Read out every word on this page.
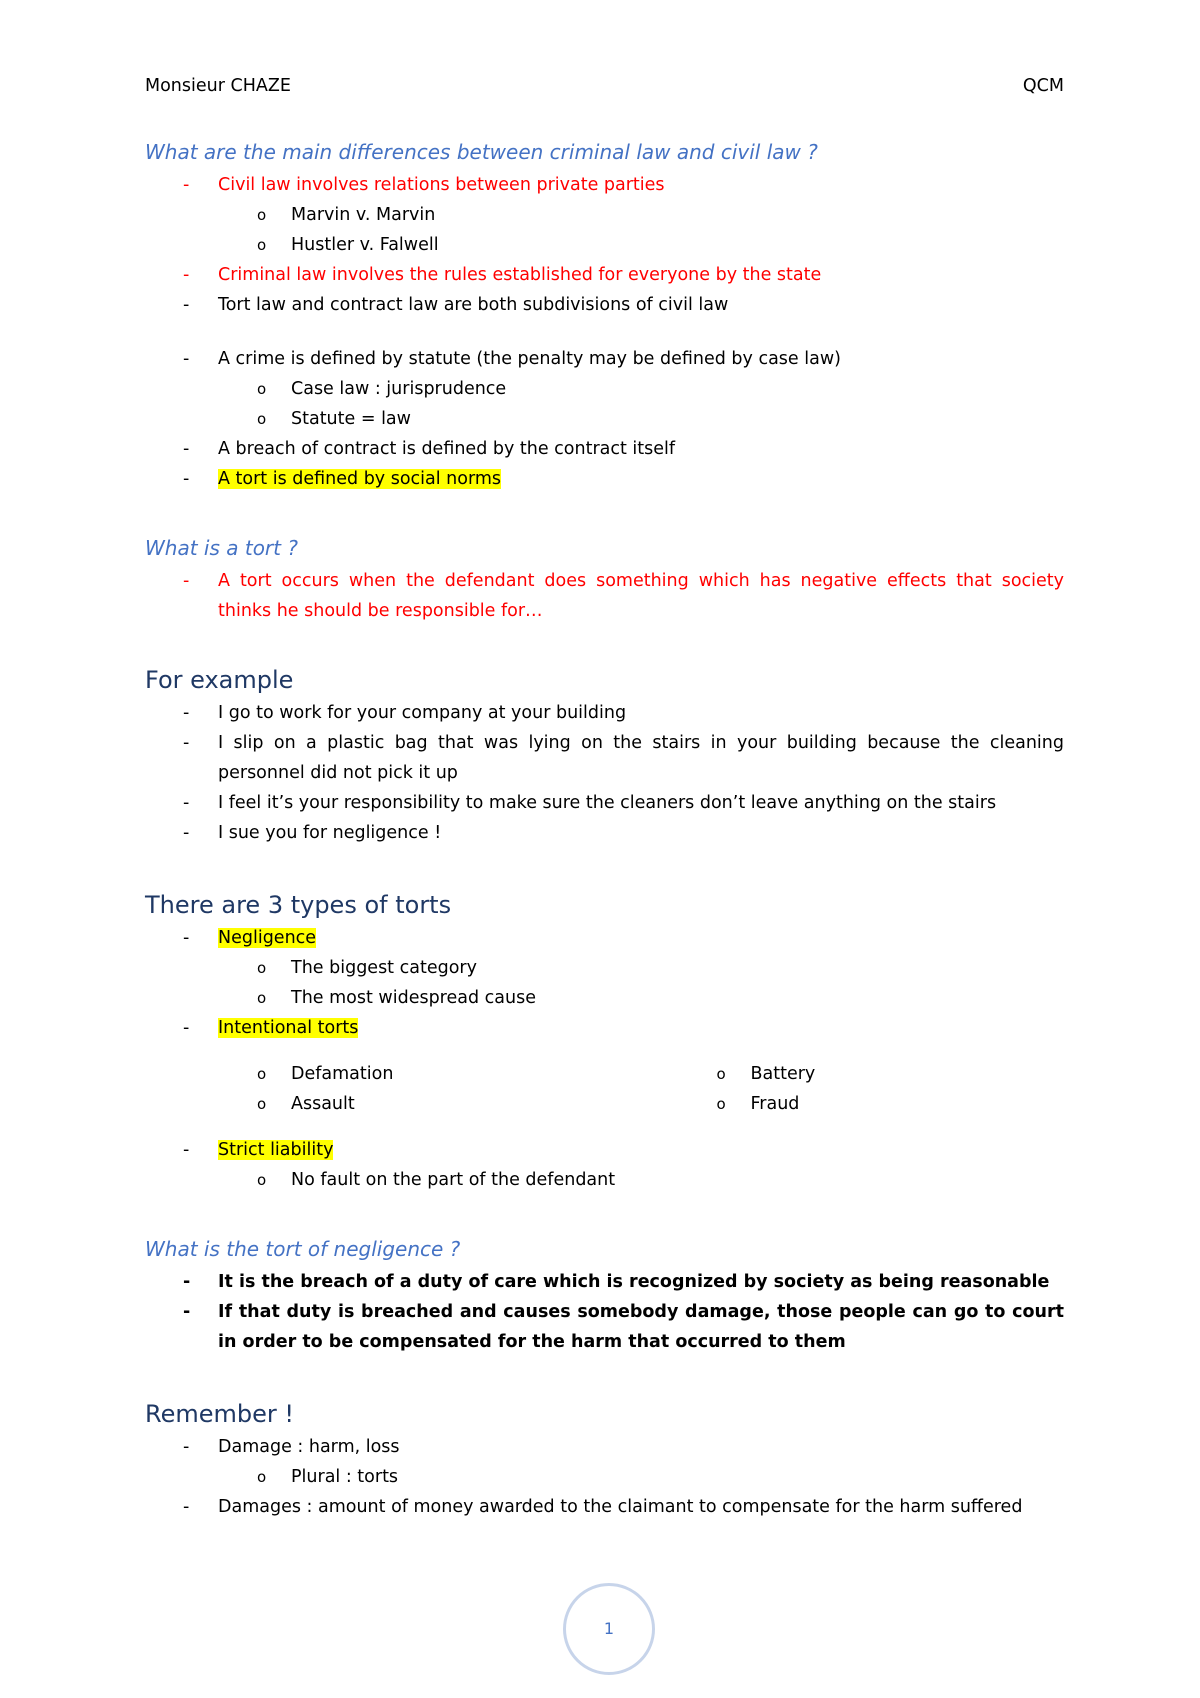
Monsieur CHAZE	QCM
What are the main differences between criminal law and civil law ?
- Civil law involves relations between private parties
o Marvin v. Marvin
o Hustler v. Falwell
- Criminal law involves the rules established for everyone by the state
- Tort law and contract law are both subdivisions of civil law
- A crime is defined by statute (the penalty may be defined by case law)
o Case law : jurisprudence
o Statute = law
- A breach of contract is defined by the contract itself
- A tort is defined by social norms
What is a tort ?
- A tort occurs when the defendant does something which has negative effects that society thinks he should be responsible for…
For example
- I go to work for your company at your building
- I slip on a plastic bag that was lying on the stairs in your building because the cleaning personnel did not pick it up
- I feel it’s your responsibility to make sure the cleaners don’t leave anything on the stairs
- I sue you for negligence !
There are 3 types of torts
- Negligence
o The biggest category
o The most widespread cause
- Intentional torts
o Defamation
o Assault
o Battery
o Fraud
- Strict liability
o No fault on the part of the defendant
What is the tort of negligence ?
- It is the breach of a duty of care which is recognized by society as being reasonable
- If that duty is breached and causes somebody damage, those people can go to court in order to be compensated for the harm that occurred to them
Remember !
- Damage : harm, loss
o Plural : torts
- Damages : amount of money awarded to the claimant to compensate for the harm suffered
1
